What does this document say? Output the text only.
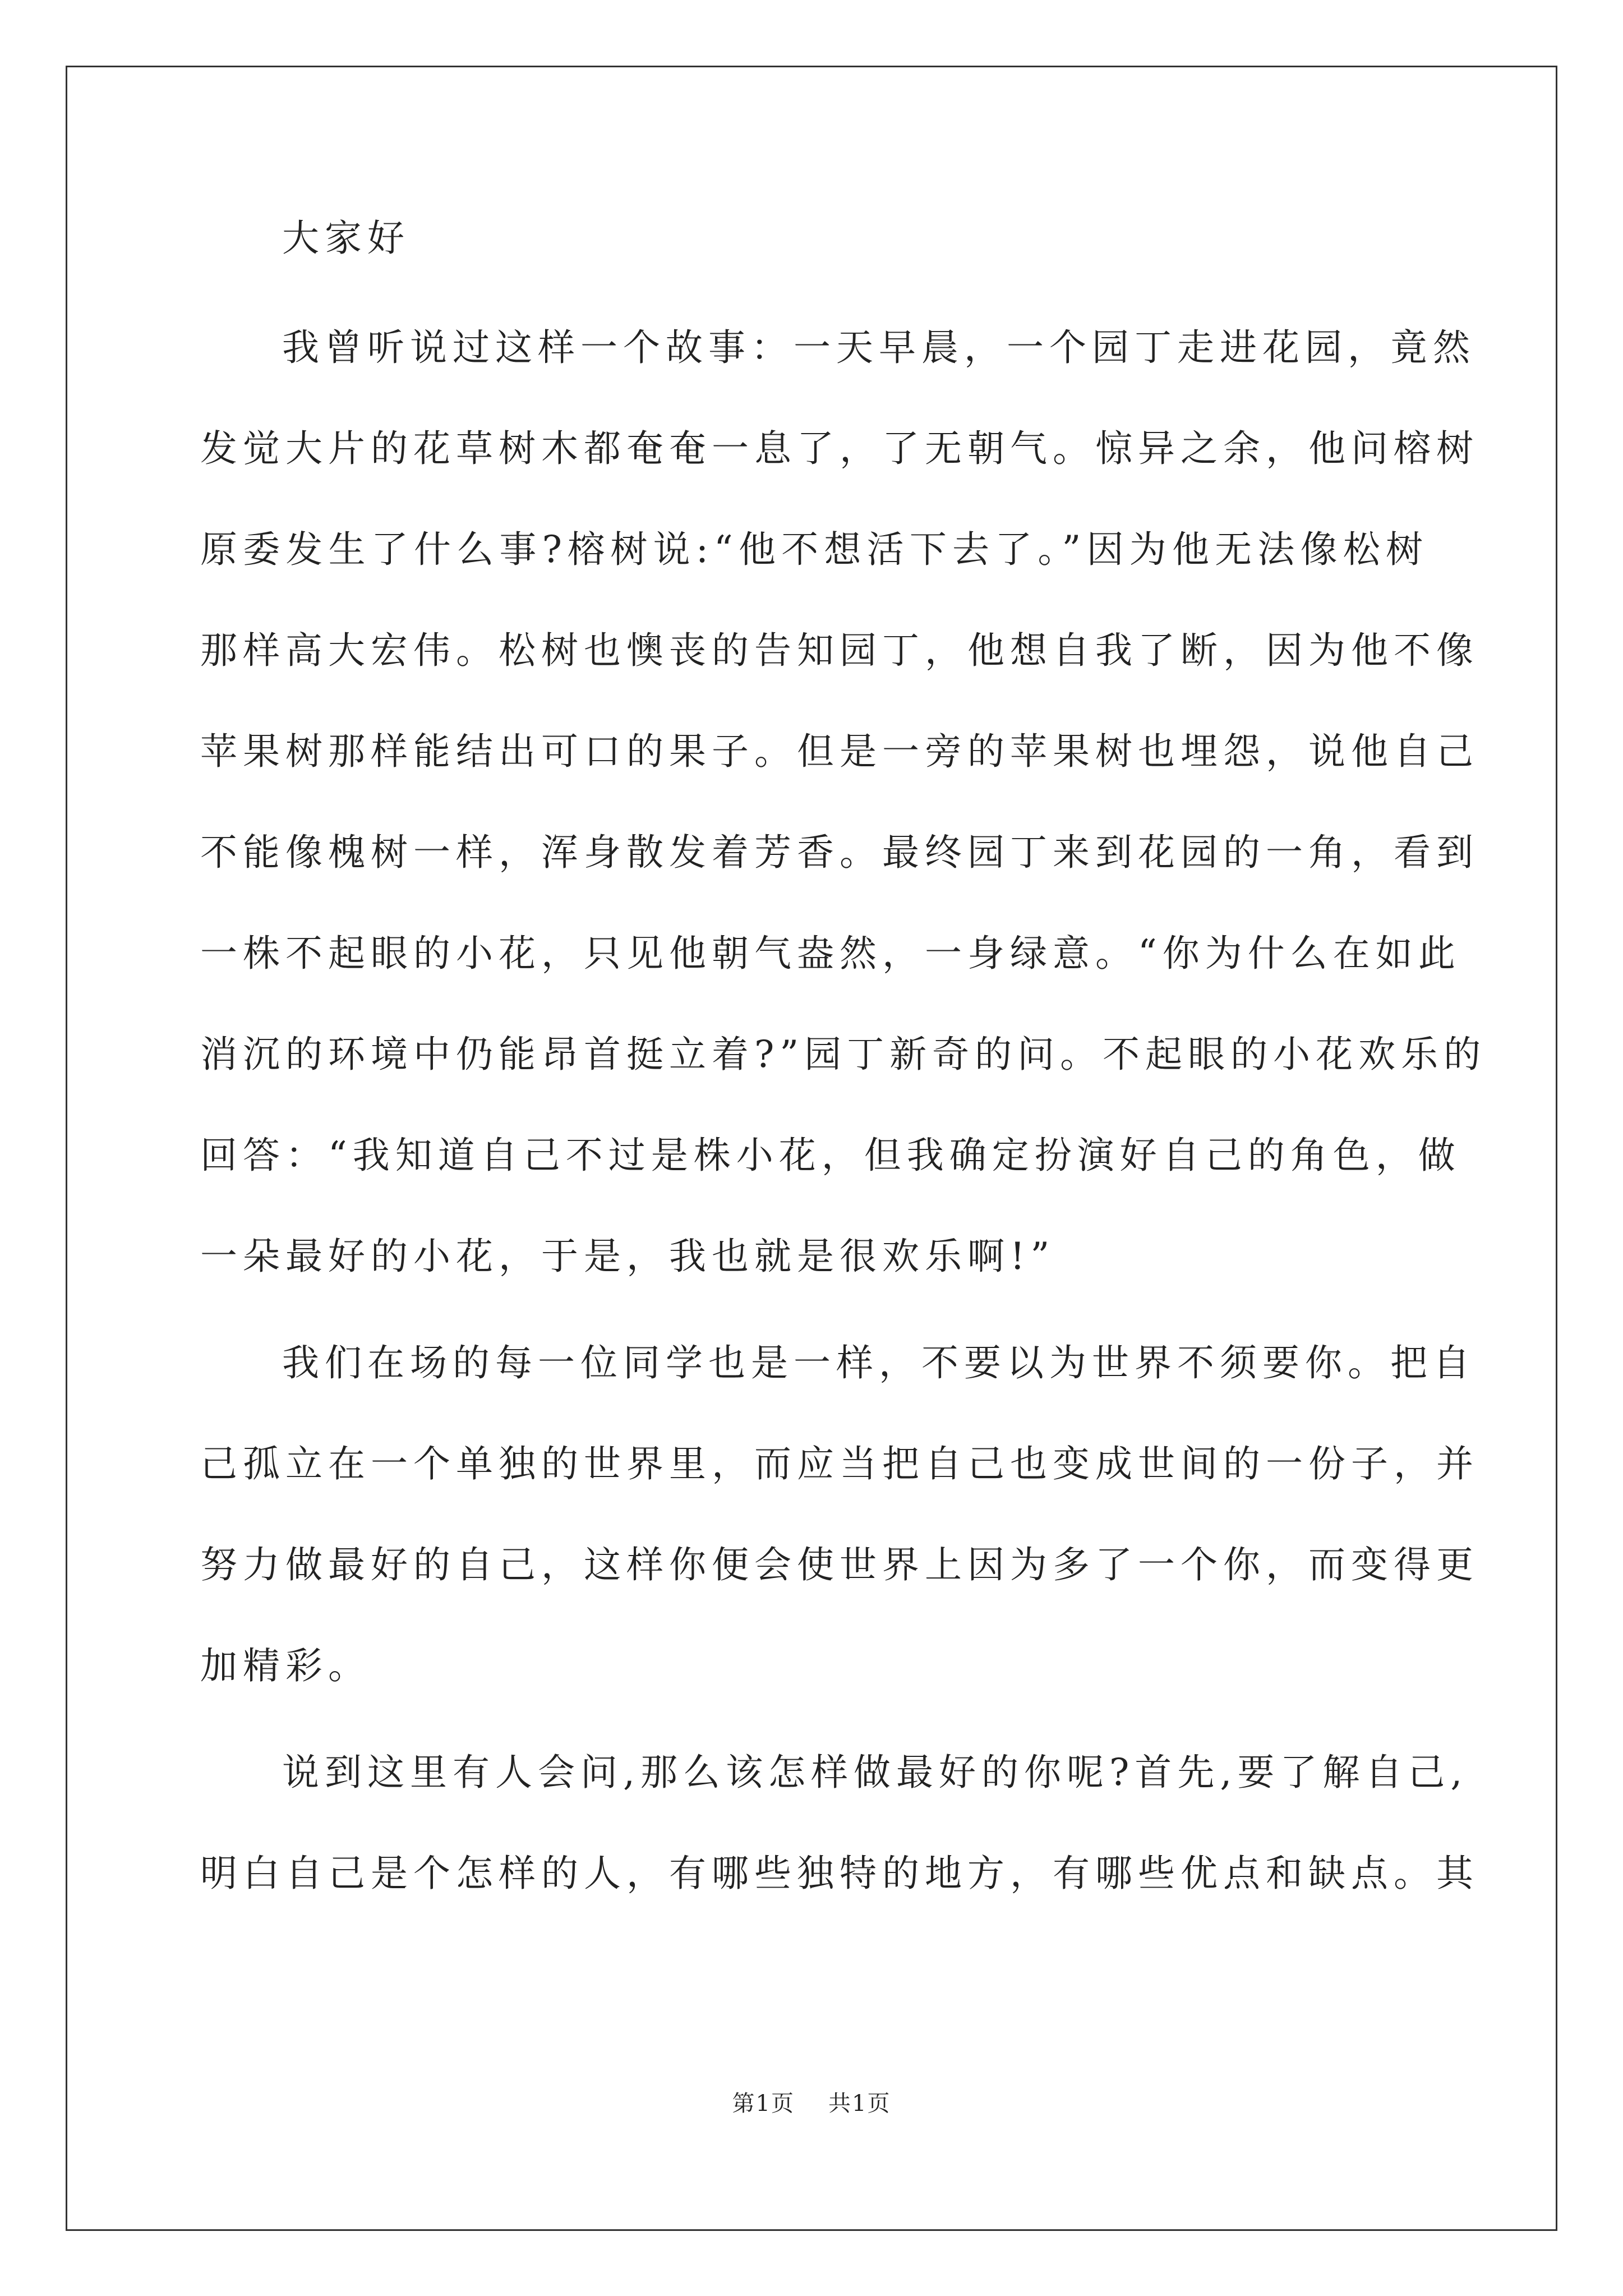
大家好
我曾听说过这样一个故事：一天早晨，一个园丁走进花园，竟然
发觉大片的花草树木都奄奄一息了，了无朝气。惊异之余，他问榕树
原委发生了什么事?榕树说:“他不想活下去了。”因为他无法像松树
那样高大宏伟。松树也懊丧的告知园丁，他想自我了断，因为他不像
苹果树那样能结出可口的果子。但是一旁的苹果树也埋怨，说他自己
不能像槐树一样，浑身散发着芳香。最终园丁来到花园的一角，看到
一株不起眼的小花，只见他朝气盎然，一身绿意。“你为什么在如此
消沉的环境中仍能昂首挺立着?”园丁新奇的问。不起眼的小花欢乐的
回答：“我知道自己不过是株小花，但我确定扮演好自己的角色，做
一朵最好的小花，于是，我也就是很欢乐啊!”
我们在场的每一位同学也是一样，不要以为世界不须要你。把自
己孤立在一个单独的世界里，而应当把自己也变成世间的一份子，并
努力做最好的自己，这样你便会使世界上因为多了一个你，而变得更
加精彩。
说到这里有人会问,那么该怎样做最好的你呢?首先,要了解自己,
明白自己是个怎样的人，有哪些独特的地方，有哪些优点和缺点。其
第1页 共1页
